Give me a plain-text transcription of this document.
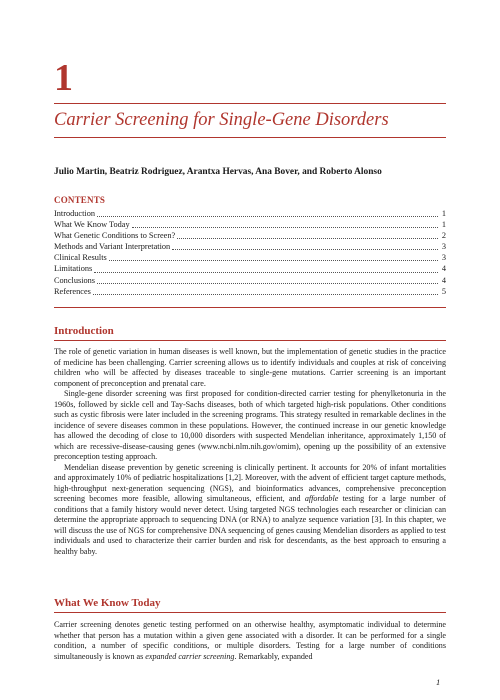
1
Carrier Screening for Single-Gene Disorders
Julio Martin, Beatriz Rodriguez, Arantxa Hervas, Ana Bover, and Roberto Alonso
CONTENTS
Introduction	1
What We Know Today	1
What Genetic Conditions to Screen?	2
Methods and Variant Interpretation	3
Clinical Results	3
Limitations	4
Conclusions	4
References	5
Introduction

The role of genetic variation in human diseases is well known, but the implementation of genetic studies in the practice of medicine has been challenging. Carrier screening allows us to identify individuals and couples at risk of conceiving children who will be affected by diseases traceable to single-gene mutations. Carrier screening is an important component of preconception and prenatal care.

Single-gene disorder screening was first proposed for condition-directed carrier testing for phenylketonuria in the 1960s, followed by sickle cell and Tay-Sachs diseases, both of which targeted high-risk populations. Other conditions such as cystic fibrosis were later included in the screening programs. This strategy resulted in remarkable declines in the incidence of severe diseases common in these populations. However, the continued increase in our genetic knowledge has allowed the decoding of close to 10,000 disorders with suspected Mendelian inheritance, approximately 1,150 of which are recessive-disease-causing genes (www.ncbi.nlm.nih.gov/omim), opening up the possibility of an extensive preconception testing approach.

Mendelian disease prevention by genetic screening is clinically pertinent. It accounts for 20% of infant mortalities and approximately 10% of pediatric hospitalizations [1,2]. Moreover, with the advent of efficient target capture methods, high-throughput next-generation sequencing (NGS), and bioinformatics advances, comprehensive preconception screening becomes more feasible, allowing simultaneous, efficient, and affordable testing for a large number of conditions that a family history would never detect. Using targeted NGS technologies each researcher or clinician can determine the appropriate approach to sequencing DNA (or RNA) to analyze sequence variation [3]. In this chapter, we will discuss the use of NGS for comprehensive DNA sequencing of genes causing Mendelian disorders as applied to test individuals and used to characterize their carrier burden and risk for descendants, as the best approach to ensuring a healthy baby.

What We Know Today

Carrier screening denotes genetic testing performed on an otherwise healthy, asymptomatic individual to determine whether that person has a mutation within a given gene associated with a disorder. It can be performed for a single condition, a number of specific conditions, or multiple disorders. Testing for a large number of conditions simultaneously is known as expanded carrier screening. Remarkably, expanded

1
